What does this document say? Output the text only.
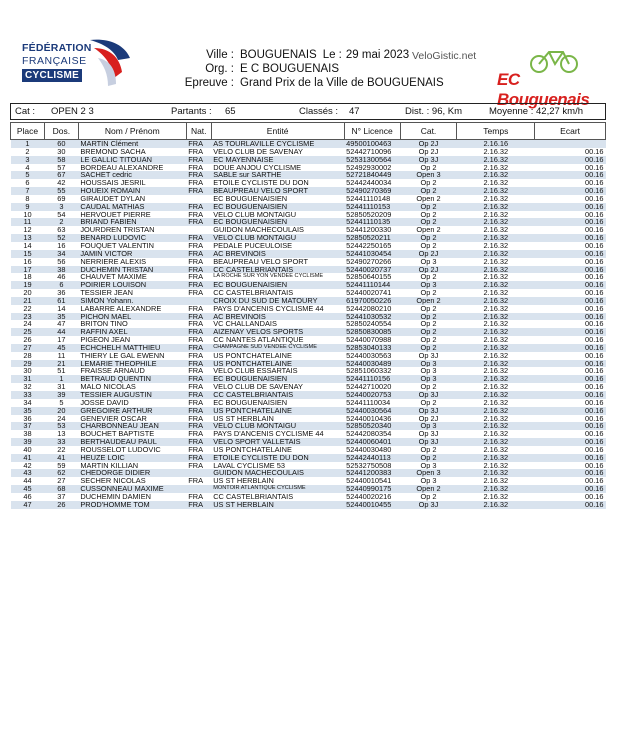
FÉDÉRATION
FRANÇAISE
CYCLISME
Ville : BOUGUENAIS Le : 29 mai 2023
Org. : E C BOUGUENAIS
Epreuve : Grand Prix de la Ville de BOUGUENAIS
VeloGistic.net
EC Bouguenais
Cat : OPEN 2 3	Partants : 65	Classés : 47	Dist. : 96, Km	Moyenne : 42,27 km/h
Place	Dos.	Nom / Prénom	Nat.	Entité	N° Licence	Cat.	Temps	Ecart
1	60	MARTIN Clément	FRA	AS TOURLAVILLE CYCLISME	49500100463	Op 2J	2.16.16	
2	30	BREMOND SACHA	FRA	VELO CLUB DE SAVENAY	52442710096	Op 2J	2.16.32	00.16
3	58	LE GALLIC TITOUAN	FRA	EC MAYENNAISE	52531300564	Op 3J	2.16.32	00.16
4	57	BORDEAU ALEXANDRE	FRA	DOUE ANJOU CYCLISME	52492930002	Op 2	2.16.32	00.16
5	67	SACHET cedric	FRA	SABLE sur SARTHE	52721840449	Open 3	2.16.32	00.16
6	42	HOUSSAIS JESRIL	FRA	ETOILE CYCLISTE DU DON	52442440034	Op 2	2.16.32	00.16
7	55	HOUEIX ROMAIN	FRA	BEAUPREAU VELO SPORT	52490270369	Op 2	2.16.32	00.16
8	69	GIRAUDET DYLAN		EC BOUGUENAISIEN	52441110148	Open 2	2.16.32	00.16
9	3	CAUDAL MATHIAS	FRA	EC BOUGUENAISIEN	52441110153	Op 2	2.16.32	00.16
10	54	HERVOUET PIERRE	FRA	VELO CLUB MONTAIGU	52850520209	Op 2	2.16.32	00.16
11	2	BRIAND FABIEN	FRA	EC BOUGUENAISIEN	52441110135	Op 2	2.16.32	00.16
12	63	JOURDREN TRISTAN		GUIDON MACHECOULAIS	52441200330	Open 2	2.16.32	00.16
13	52	BENARD LUDOVIC	FRA	VELO CLUB MONTAIGU	52850520211	Op 2	2.16.32	00.16
14	16	FOUQUET VALENTIN	FRA	PEDALE PUCEULOISE	52442250165	Op 2	2.16.32	00.16
15	34	JAMIN VICTOR	FRA	AC BREVINOIS	52441030454	Op 2J	2.16.32	00.16
16	56	NERRIERE ALEXIS	FRA	BEAUPREAU VELO SPORT	52490270266	Op 3	2.16.32	00.16
17	38	DUCHEMIN TRISTAN	FRA	CC CASTELBRIANTAIS	52440020737	Op 2J	2.16.32	00.16
18	46	CHAUVET MAXIME	FRA	LA ROCHE SUR YON VENDEE CYCLISME	52850640155	Op 2	2.16.32	00.16
19	6	POIRIER LOUISON	FRA	EC BOUGUENAISIEN	52441110144	Op 3	2.16.32	00.16
20	36	TESSIER JEAN	FRA	CC CASTELBRIANTAIS	52440020741	Op 2	2.16.32	00.16
21	61	SIMON Yohann.		CROIX DU SUD DE MATOURY	61970050226	Open 2	2.16.32	00.16
22	14	LABARRE ALEXANDRE	FRA	PAYS D'ANCENIS CYCLISME 44	52442080210	Op 2	2.16.32	00.16
23	35	PICHON MAEL	FRA	AC BREVINOIS	52441030532	Op 2	2.16.32	00.16
24	47	BRITON TINO	FRA	VC CHALLANDAIS	52850240554	Op 2	2.16.32	00.16
25	44	RAFFIN AXEL	FRA	AIZENAY VELOS SPORTS	52850830085	Op 2	2.16.32	00.16
26	17	PIGEON JEAN	FRA	CC NANTES ATLANTIQUE	52440070988	Op 2	2.16.32	00.16
27	45	ECHCHELH MATTHIEU	FRA	CHAMPAGNE SUD VENDEE CYCLISME	52853040133	Op 2	2.16.32	00.16
28	11	THIERY LE GAL EWENN	FRA	US PONTCHATELAINE	52440030563	Op 3J	2.16.32	00.16
29	21	LEMARIE THEOPHILE	FRA	US PONTCHATELAINE	52440030489	Op 3	2.16.32	00.16
30	51	FRAISSE ARNAUD	FRA	VELO CLUB ESSARTAIS	52851060332	Op 3	2.16.32	00.16
31	1	BETRAUD QUENTIN	FRA	EC BOUGUENAISIEN	52441110156	Op 3	2.16.32	00.16
32	31	MALO NICOLAS	FRA	VELO CLUB DE SAVENAY	52442710020	Op 2	2.16.32	00.16
33	39	TESSIER AUGUSTIN	FRA	CC CASTELBRIANTAIS	52440020753	Op 3J	2.16.32	00.16
34	5	JOSSE DAVID	FRA	EC BOUGUENAISIEN	52441110034	Op 2	2.16.32	00.16
35	20	GREGOIRE ARTHUR	FRA	US PONTCHATELAINE	52440030564	Op 3J	2.16.32	00.16
36	24	GENEVIER OSCAR	FRA	US ST HERBLAIN	52440010436	Op 2J	2.16.32	00.16
37	53	CHARBONNEAU JEAN	FRA	VELO CLUB MONTAIGU	52850520340	Op 3	2.16.32	00.16
38	13	BOUCHET BAPTISTE	FRA	PAYS D'ANCENIS CYCLISME 44	52442080354	Op 3J	2.16.32	00.16
39	33	BERTHAUDEAU PAUL	FRA	VELO SPORT VALLETAIS	52440060401	Op 3J	2.16.32	00.16
40	22	ROUSSELOT LUDOVIC	FRA	US PONTCHATELAINE	52440030480	Op 2	2.16.32	00.16
41	41	HEUZE LOIC	FRA	ETOILE CYCLISTE DU DON	52442440113	Op 2	2.16.32	00.16
42	59	MARTIN KILLIAN	FRA	LAVAL CYCLISME 53	52532750508	Op 3	2.16.32	00.16
43	62	CHEDORGE DIDIER		GUIDON MACHECOULAIS	52441200383	Open 3	2.16.32	00.16
44	27	SECHER NICOLAS	FRA	US ST HERBLAIN	52440010541	Op 3	2.16.32	00.16
45	68	CUSSONNEAU MAXIME		MONTOIR ATLANTIQUE CYCLISME	52440990175	Open 2	2.16.32	00.16
46	37	DUCHEMIN DAMIEN	FRA	CC CASTELBRIANTAIS	52440020216	Op 2	2.16.32	00.16
47	26	PROD'HOMME TOM	FRA	US ST HERBLAIN	52440010455	Op 3J	2.16.32	00.16
